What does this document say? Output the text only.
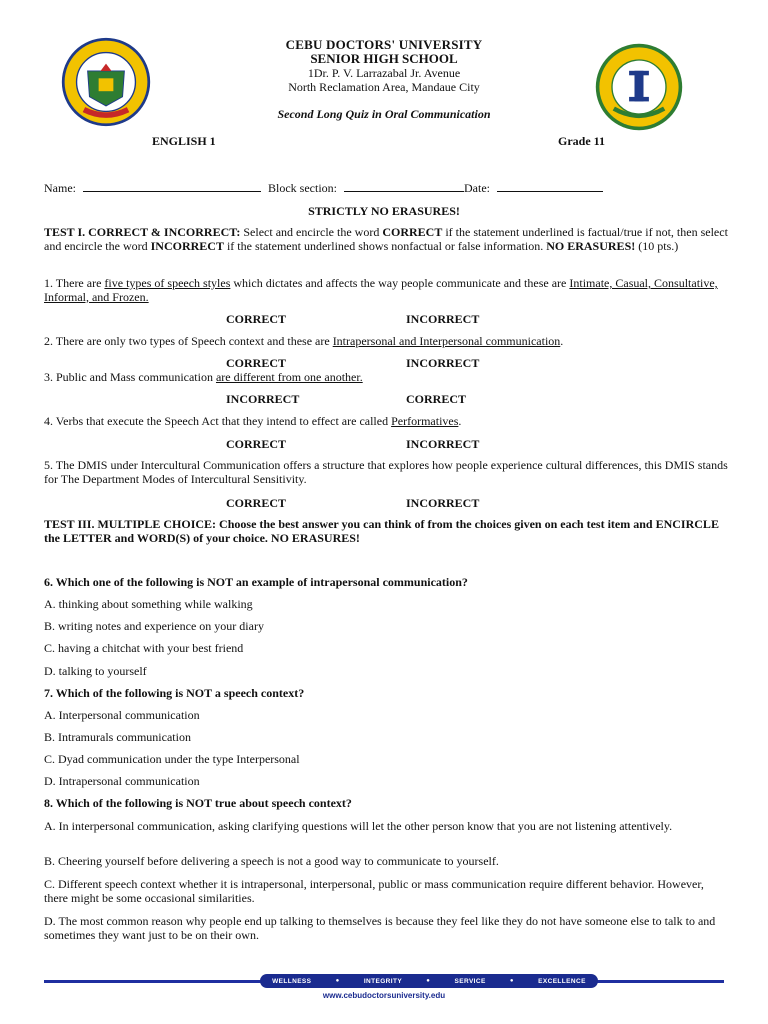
CEBU DOCTORS' UNIVERSITY
SENIOR HIGH SCHOOL
1Dr. P. V. Larrazabal Jr. Avenue
North Reclamation Area, Mandaue City
Second Long Quiz in Oral Communication
ENGLISH 1	Grade 11
Name:	Block section:	Date:
STRICTLY NO ERASURES!
TEST I. CORRECT & INCORRECT: Select and encircle the word CORRECT if the statement underlined is factual/true if not, then select and encircle the word INCORRECT if the statement underlined shows nonfactual or false information. NO ERASURES! (10 pts.)
1. There are five types of speech styles which dictates and affects the way people communicate and these are Intimate, Casual, Consultative, Informal, and Frozen.
CORRECT	INCORRECT
2. There are only two types of Speech context and these are Intrapersonal and Interpersonal communication.
CORRECT	INCORRECT
3. Public and Mass communication are different from one another.
INCORRECT	CORRECT
4. Verbs that execute the Speech Act that they intend to effect are called Performatives.
CORRECT	INCORRECT
5. The DMIS under Intercultural Communication offers a structure that explores how people experience cultural differences, this DMIS stands for The Department Modes of Intercultural Sensitivity.
CORRECT	INCORRECT
TEST III. MULTIPLE CHOICE: Choose the best answer you can think of from the choices given on each test item and ENCIRCLE the LETTER and WORD(S) of your choice. NO ERASURES!
6. Which one of the following is NOT an example of intrapersonal communication?
A. thinking about something while walking
B. writing notes and experience on your diary
C. having a chitchat with your best friend
D. talking to yourself
7. Which of the following is NOT a speech context?
A. Interpersonal communication
B. Intramurals communication
C. Dyad communication under the type Interpersonal
D. Intrapersonal communication
8. Which of the following is NOT true about speech context?
A. In interpersonal communication, asking clarifying questions will let the other person know that you are not listening attentively.
B. Cheering yourself before delivering a speech is not a good way to communicate to yourself.
C. Different speech context whether it is intrapersonal, interpersonal, public or mass communication require different behavior. However, there might be some occasional similarities.
D. The most common reason why people end up talking to themselves is because they feel like they do not have someone else to talk to and sometimes they want just to be on their own.
WELLNESS	●	INTEGRITY	●	SERVICE	●	EXCELLENCE
www.cebudoctorsuniversity.edu
